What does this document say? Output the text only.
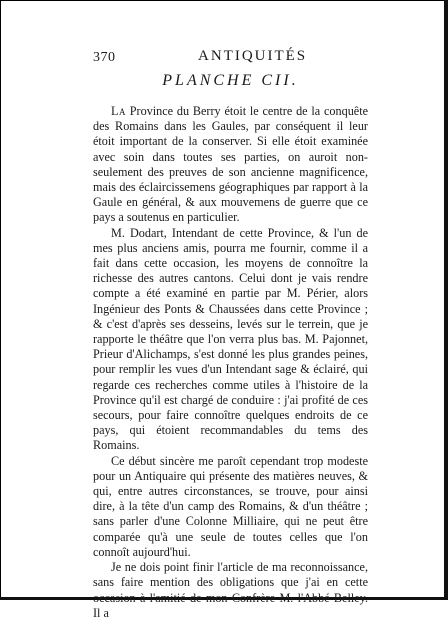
370	ANTIQUITÉS
PLANCHE CII.

La Province du Berry étoit le centre de la conquête des Romains dans les Gaules, par conséquent il leur étoit important de la conserver. Si elle étoit examinée avec soin dans toutes ses parties, on auroit non-seulement des preuves de son ancienne magnificence, mais des éclaircissemens géographiques par rapport à la Gaule en général, & aux mouvemens de guerre que ce pays a soutenus en particulier.

M. Dodart, Intendant de cette Province, & l'un de mes plus anciens amis, pourra me fournir, comme il a fait dans cette occasion, les moyens de connoître la richesse des autres cantons. Celui dont je vais rendre compte a été examiné en partie par M. Périer, alors Ingénieur des Ponts & Chaussées dans cette Province ; & c'est d'après ses desseins, levés sur le terrein, que je rapporte le théâtre que l'on verra plus bas. M. Pajonnet, Prieur d'Alichamps, s'est donné les plus grandes peines, pour remplir les vues d'un Intendant sage & éclairé, qui regarde ces recherches comme utiles à l'histoire de la Province qu'il est chargé de conduire : j'ai profité de ces secours, pour faire connoître quelques endroits de ce pays, qui étoient recommandables du tems des Romains.

Ce début sincère me paroît cependant trop modeste pour un Antiquaire qui présente des matières neuves, & qui, entre autres circonstances, se trouve, pour ainsi dire, à la tête d'un camp des Romains, & d'un théâtre ; sans parler d'une Colonne Milliaire, qui ne peut être comparée qu'à une seule de toutes celles que l'on connoît aujourd'hui.

Je ne dois point finir l'article de ma reconnoissance, sans faire mention des obligations que j'ai en cette occasion à l'amitié de mon Confrère M. l'Abbé Belley. Il a
